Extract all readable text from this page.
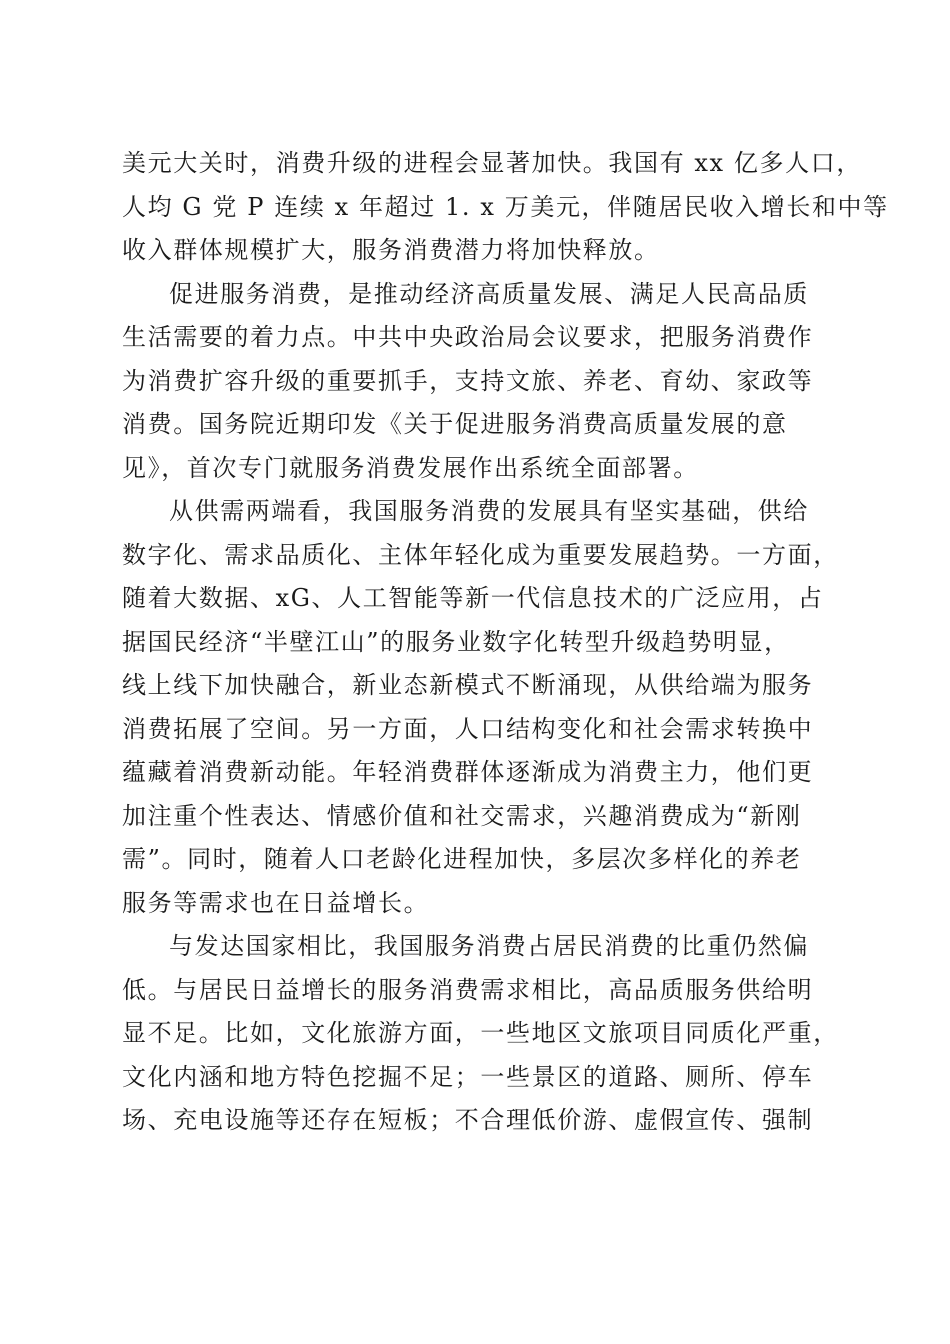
美元大关时，消费升级的进程会显著加快。我国有 xx 亿多人口，
人均 G 党 P 连续 x 年超过 1. x 万美元，伴随居民收入增长和中等
收入群体规模扩大，服务消费潜力将加快释放。
促进服务消费，是推动经济高质量发展、满足人民高品质
生活需要的着力点。中共中央政治局会议要求，把服务消费作
为消费扩容升级的重要抓手，支持文旅、养老、育幼、家政等
消费。国务院近期印发《关于促进服务消费高质量发展的意
见》，首次专门就服务消费发展作出系统全面部署。
从供需两端看，我国服务消费的发展具有坚实基础，供给
数字化、需求品质化、主体年轻化成为重要发展趋势。一方面，
随着大数据、xG、人工智能等新一代信息技术的广泛应用，占
据国民经济“半壁江山”的服务业数字化转型升级趋势明显，
线上线下加快融合，新业态新模式不断涌现，从供给端为服务
消费拓展了空间。另一方面，人口结构变化和社会需求转换中
蕴藏着消费新动能。年轻消费群体逐渐成为消费主力，他们更
加注重个性表达、情感价值和社交需求，兴趣消费成为“新刚
需”。同时，随着人口老龄化进程加快，多层次多样化的养老
服务等需求也在日益增长。
与发达国家相比，我国服务消费占居民消费的比重仍然偏
低。与居民日益增长的服务消费需求相比，高品质服务供给明
显不足。比如，文化旅游方面，一些地区文旅项目同质化严重，
文化内涵和地方特色挖掘不足；一些景区的道路、厕所、停车
场、充电设施等还存在短板；不合理低价游、虚假宣传、强制
